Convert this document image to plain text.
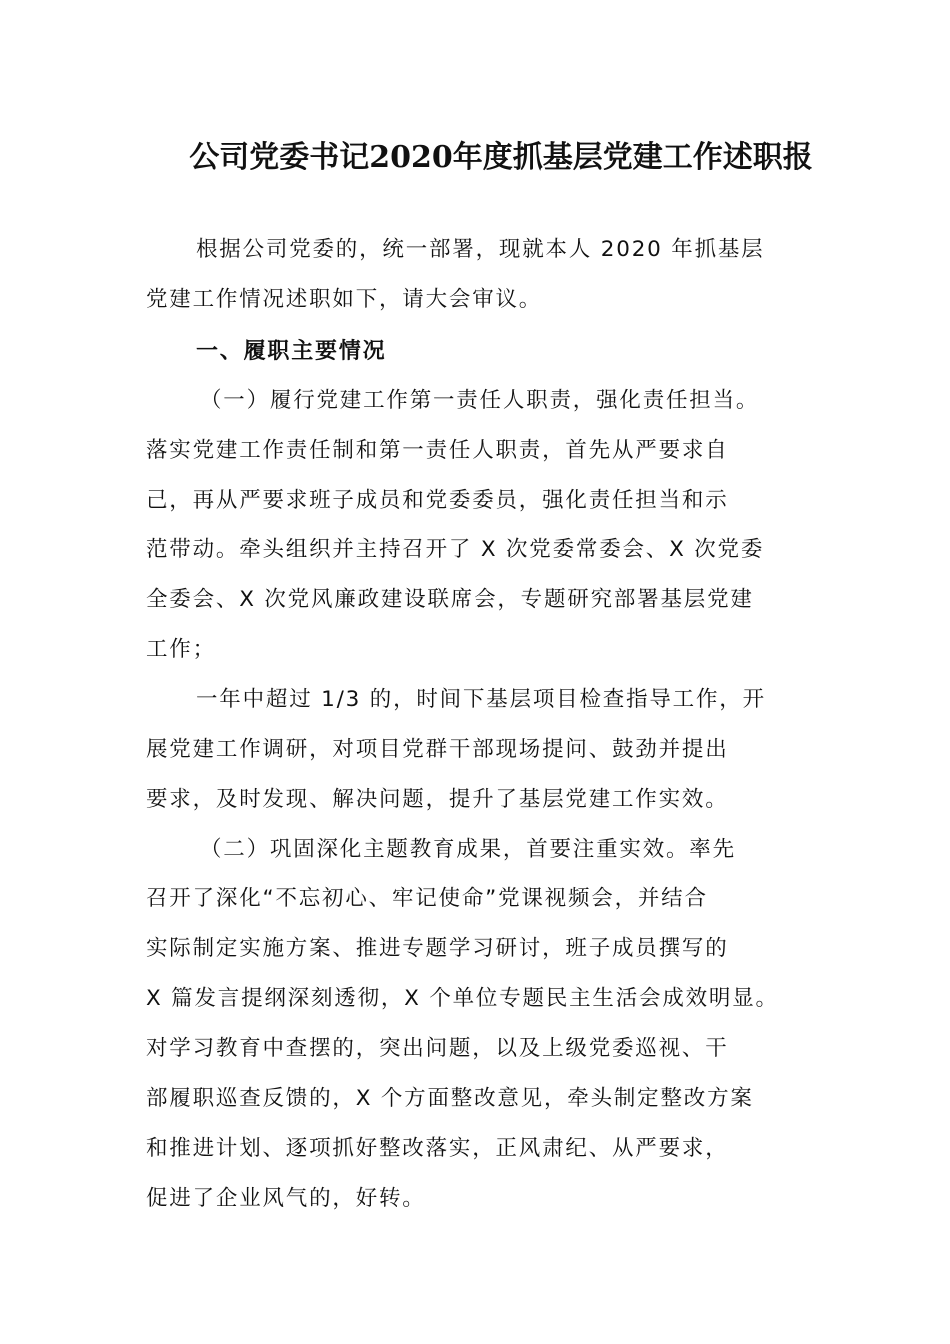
公司党委书记2020年度抓基层党建工作述职报
根据公司党委的，统一部署，现就本人 2020 年抓基层
党建工作情况述职如下，请大会审议。
一、履职主要情况
（一）履行党建工作第一责任人职责，强化责任担当。
落实党建工作责任制和第一责任人职责，首先从严要求自
己，再从严要求班子成员和党委委员，强化责任担当和示
范带动。牵头组织并主持召开了 X 次党委常委会、X 次党委
全委会、X 次党风廉政建设联席会，专题研究部署基层党建
工作；
一年中超过 1/3 的，时间下基层项目检查指导工作，开
展党建工作调研，对项目党群干部现场提问、鼓劲并提出
要求，及时发现、解决问题，提升了基层党建工作实效。
（二）巩固深化主题教育成果，首要注重实效。率先
召开了深化“不忘初心、牢记使命”党课视频会，并结合
实际制定实施方案、推进专题学习研讨，班子成员撰写的
X 篇发言提纲深刻透彻，X 个单位专题民主生活会成效明显。
对学习教育中查摆的，突出问题，以及上级党委巡视、干
部履职巡查反馈的，X 个方面整改意见，牵头制定整改方案
和推进计划、逐项抓好整改落实，正风肃纪、从严要求，
促进了企业风气的，好转。
